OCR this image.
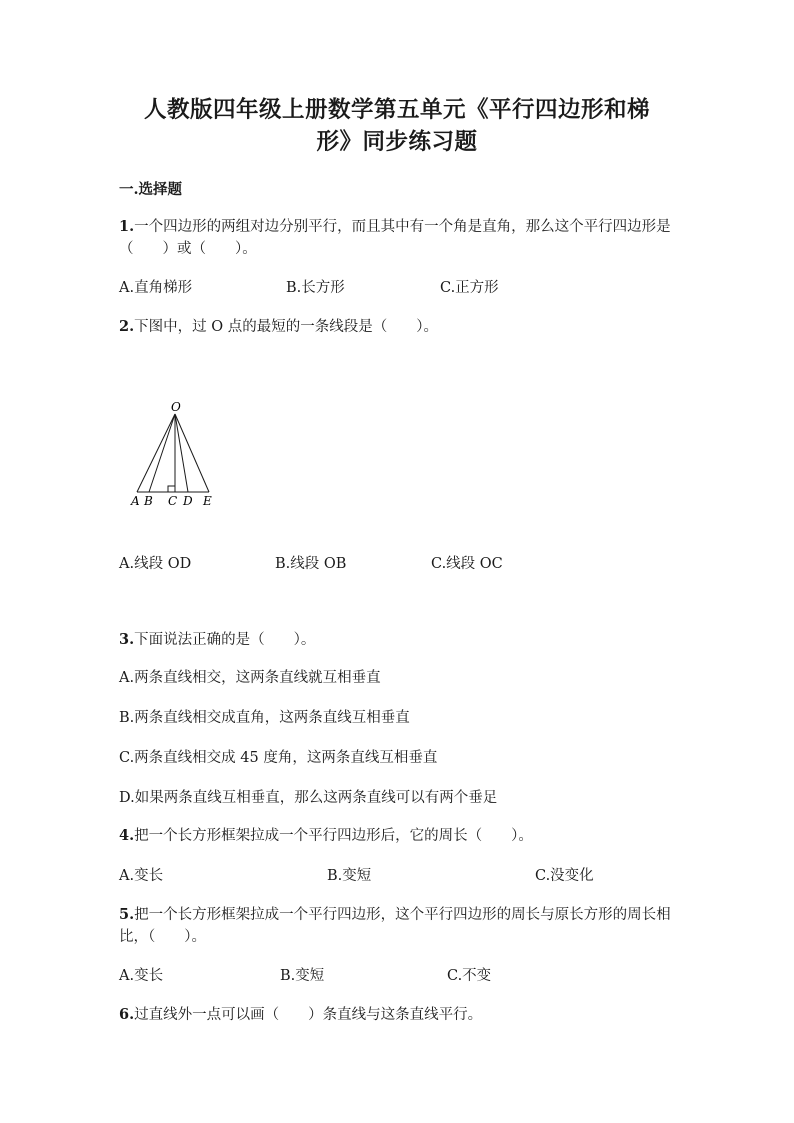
人教版四年级上册数学第五单元《平行四边形和梯
形》同步练习题
一.选择题
1.一个四边形的两组对边分别平行，而且其中有一个角是直角，那么这个平行四边形是（　　）或（　　）。
A.直角梯形	B.长方形	C.正方形
2.下图中，过 O 点的最短的一条线段是（　　）。
O
A B C D E
A.线段 OD	B.线段 OB	C.线段 OC
3.下面说法正确的是（　　）。
A.两条直线相交，这两条直线就互相垂直
B.两条直线相交成直角，这两条直线互相垂直
C.两条直线相交成 45 度角，这两条直线互相垂直
D.如果两条直线互相垂直，那么这两条直线可以有两个垂足
4.把一个长方形框架拉成一个平行四边形后，它的周长（　　）。
A.变长	B.变短	C.没变化
5.把一个长方形框架拉成一个平行四边形，这个平行四边形的周长与原长方形的周长相比，（　　）。
A.变长	B.变短	C.不变
6.过直线外一点可以画（　　）条直线与这条直线平行。
